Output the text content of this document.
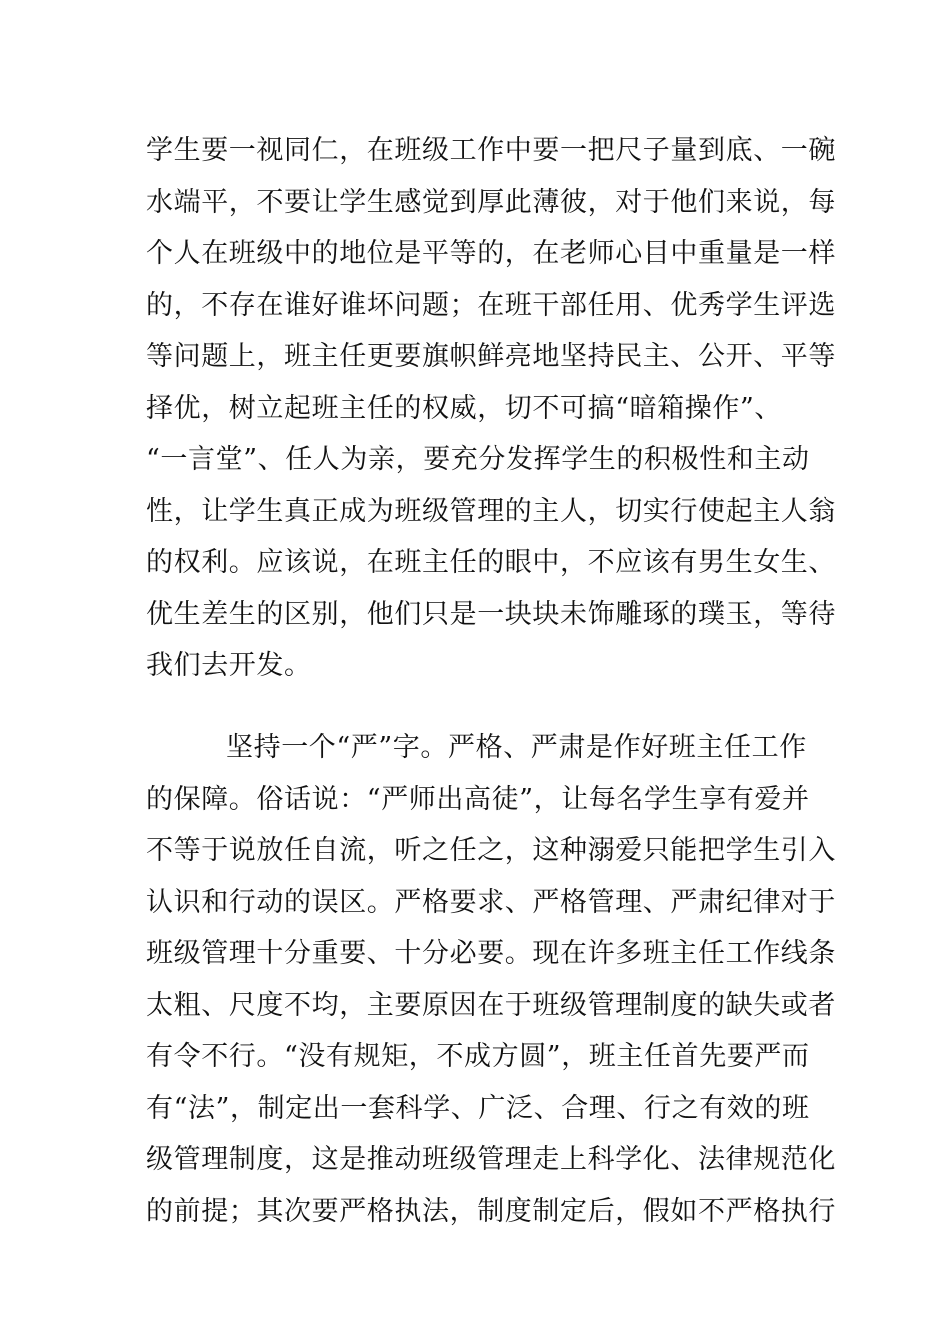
学生要一视同仁，在班级工作中要一把尺子量到底、一碗
水端平，不要让学生感觉到厚此薄彼，对于他们来说，每
个人在班级中的地位是平等的，在老师心目中重量是一样
的，不存在谁好谁坏问题；在班干部任用、优秀学生评选
等问题上，班主任更要旗帜鲜亮地坚持民主、公开、平等
择优，树立起班主任的权威，切不可搞“暗箱操作”、
“一言堂”、任人为亲，要充分发挥学生的积极性和主动
性，让学生真正成为班级管理的主人，切实行使起主人翁
的权利。应该说，在班主任的眼中，不应该有男生女生、
优生差生的区别，他们只是一块块未饰雕琢的璞玉，等待
我们去开发。
坚持一个“严”字。严格、严肃是作好班主任工作
的保障。俗话说：“严师出高徒”，让每名学生享有爱并
不等于说放任自流，听之任之，这种溺爱只能把学生引入
认识和行动的误区。严格要求、严格管理、严肃纪律对于
班级管理十分重要、十分必要。现在许多班主任工作线条
太粗、尺度不均，主要原因在于班级管理制度的缺失或者
有令不行。“没有规矩，不成方圆”，班主任首先要严而
有“法”，制定出一套科学、广泛、合理、行之有效的班
级管理制度，这是推动班级管理走上科学化、法律规范化
的前提；其次要严格执法，制度制定后，假如不严格执行
